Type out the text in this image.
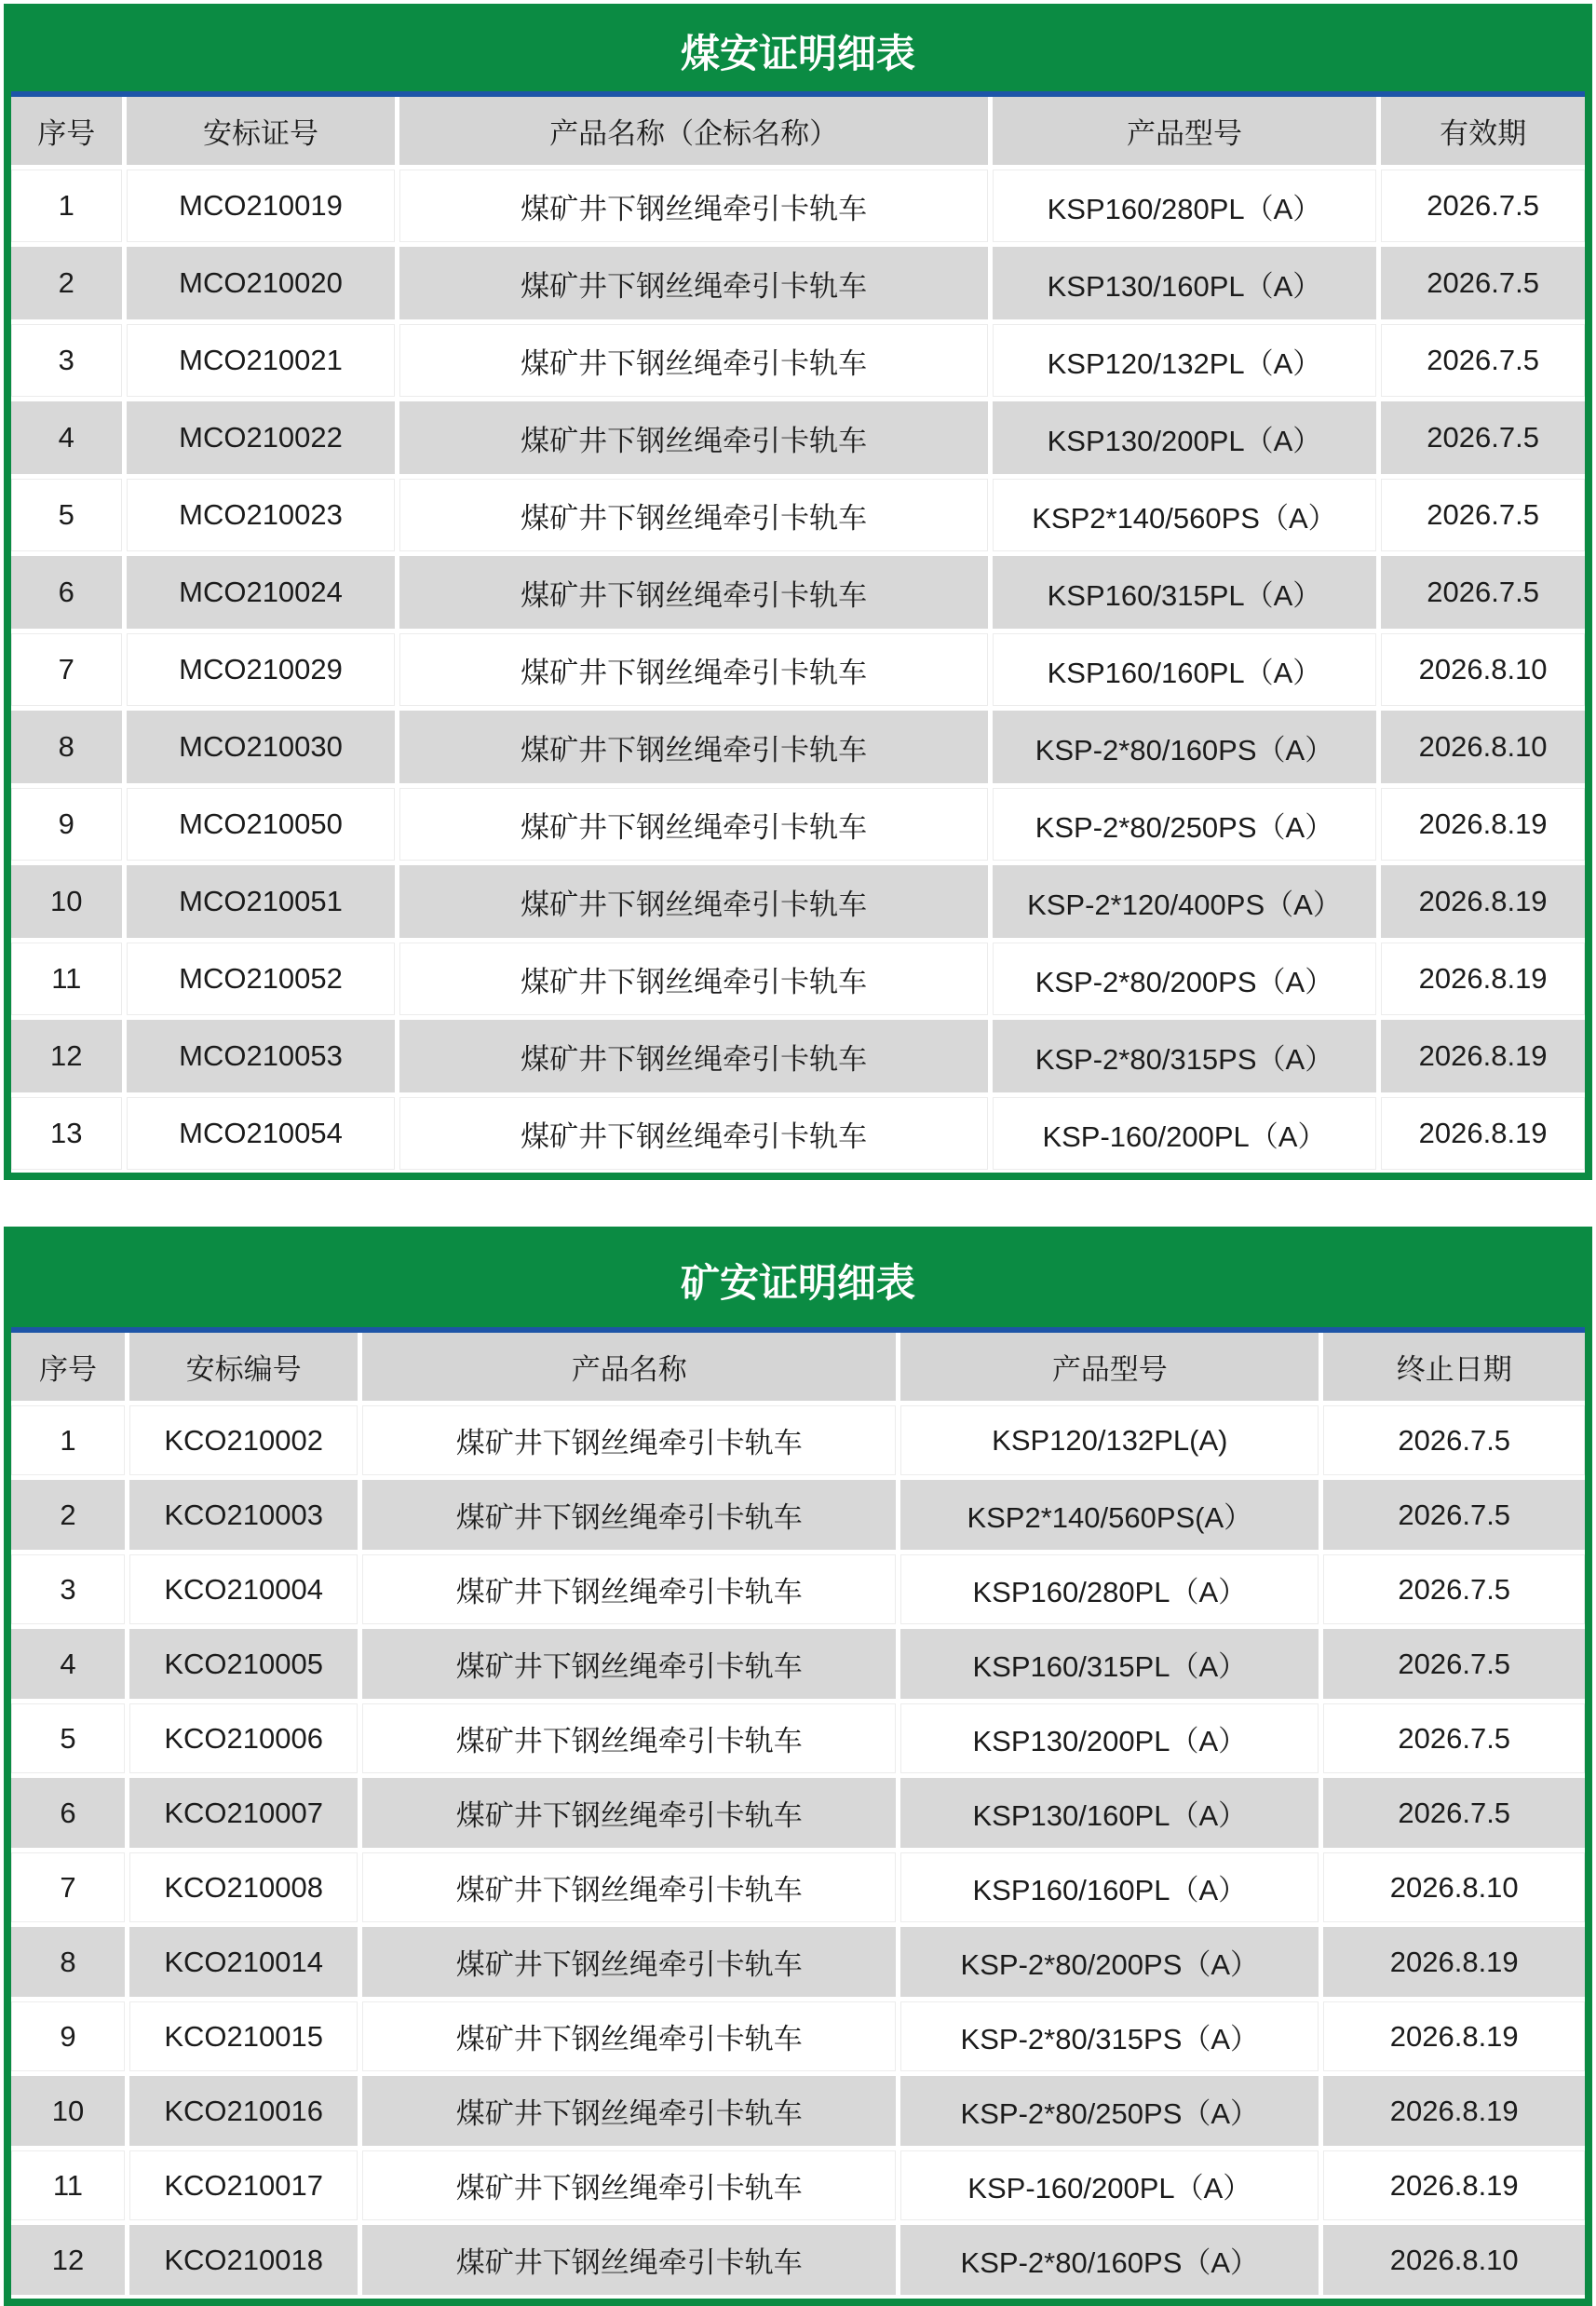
煤安证明细表
序号	安标证号	产品名称（企标名称）	产品型号	有效期
1	MCO210019	煤矿井下钢丝绳牵引卡轨车	KSP160/280PL（A）	2026.7.5
2	MCO210020	煤矿井下钢丝绳牵引卡轨车	KSP130/160PL（A）	2026.7.5
3	MCO210021	煤矿井下钢丝绳牵引卡轨车	KSP120/132PL（A）	2026.7.5
4	MCO210022	煤矿井下钢丝绳牵引卡轨车	KSP130/200PL（A）	2026.7.5
5	MCO210023	煤矿井下钢丝绳牵引卡轨车	KSP2*140/560PS（A）	2026.7.5
6	MCO210024	煤矿井下钢丝绳牵引卡轨车	KSP160/315PL（A）	2026.7.5
7	MCO210029	煤矿井下钢丝绳牵引卡轨车	KSP160/160PL（A）	2026.8.10
8	MCO210030	煤矿井下钢丝绳牵引卡轨车	KSP-2*80/160PS（A）	2026.8.10
9	MCO210050	煤矿井下钢丝绳牵引卡轨车	KSP-2*80/250PS（A）	2026.8.19
10	MCO210051	煤矿井下钢丝绳牵引卡轨车	KSP-2*120/400PS（A）	2026.8.19
11	MCO210052	煤矿井下钢丝绳牵引卡轨车	KSP-2*80/200PS（A）	2026.8.19
12	MCO210053	煤矿井下钢丝绳牵引卡轨车	KSP-2*80/315PS（A）	2026.8.19
13	MCO210054	煤矿井下钢丝绳牵引卡轨车	KSP-160/200PL（A）	2026.8.19
矿安证明细表
序号	安标编号	产品名称	产品型号	终止日期
1	KCO210002	煤矿井下钢丝绳牵引卡轨车	KSP120/132PL(A)	2026.7.5
2	KCO210003	煤矿井下钢丝绳牵引卡轨车	KSP2*140/560PS(A）	2026.7.5
3	KCO210004	煤矿井下钢丝绳牵引卡轨车	KSP160/280PL（A）	2026.7.5
4	KCO210005	煤矿井下钢丝绳牵引卡轨车	KSP160/315PL（A）	2026.7.5
5	KCO210006	煤矿井下钢丝绳牵引卡轨车	KSP130/200PL（A）	2026.7.5
6	KCO210007	煤矿井下钢丝绳牵引卡轨车	KSP130/160PL（A）	2026.7.5
7	KCO210008	煤矿井下钢丝绳牵引卡轨车	KSP160/160PL（A）	2026.8.10
8	KCO210014	煤矿井下钢丝绳牵引卡轨车	KSP-2*80/200PS（A）	2026.8.19
9	KCO210015	煤矿井下钢丝绳牵引卡轨车	KSP-2*80/315PS（A）	2026.8.19
10	KCO210016	煤矿井下钢丝绳牵引卡轨车	KSP-2*80/250PS（A）	2026.8.19
11	KCO210017	煤矿井下钢丝绳牵引卡轨车	KSP-160/200PL（A）	2026.8.19
12	KCO210018	煤矿井下钢丝绳牵引卡轨车	KSP-2*80/160PS（A）	2026.8.10
